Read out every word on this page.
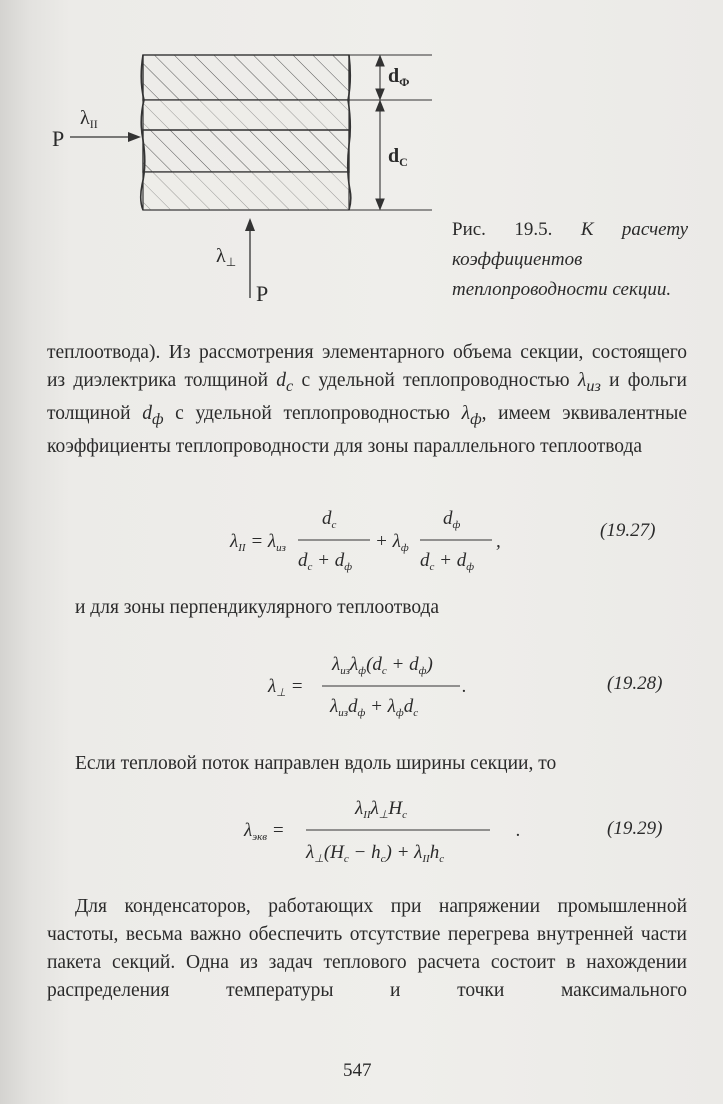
$\lambda_{II}$
P
$d_Ф$
$d_C$
$\lambda_\perp$
P
Рис. 19.5. К расчету коэффициентов теплопроводности секции.
теплоотвода). Из рассмотрения элементарного объема секции, состоящего из диэлектрика толщиной $d_c$ с удельной теплопроводностью $\lambda_{из}$ и фольги толщиной $d_ф$ с удельной теплопроводностью $\lambda_ф$, имеем эквивалентные коэффициенты теплопроводности для зоны параллельного теплоотвода
$\lambda_{II} = \lambda_{из}$
$d_c$
$d_c + d_ф$
+ $\lambda_ф$
$d_ф$
$d_c + d_ф$
,
$\lambda_\perp$ =
$\lambda_{из}\lambda_ф(d_c + d_ф)$
$\lambda_{из}d_ф + \lambda_фd_c$
.
$\lambda_{экв}$ =
$\lambda_{II}\lambda_\perp H_c$
$\lambda_\perp(H_c - h_c) + \lambda_{II}h_c$
.
(19.27)
(19.28)
(19.29)
и для зоны перпендикулярного теплоотвода
Если тепловой поток направлен вдоль ширины секции, то
Для конденсаторов, работающих при напряжении промышленной частоты, весьма важно обеспечить отсутствие перегрева внутренней части пакета секций. Одна из задач теплового расчета состоит в нахождении распределения температуры и точки максимального
547
